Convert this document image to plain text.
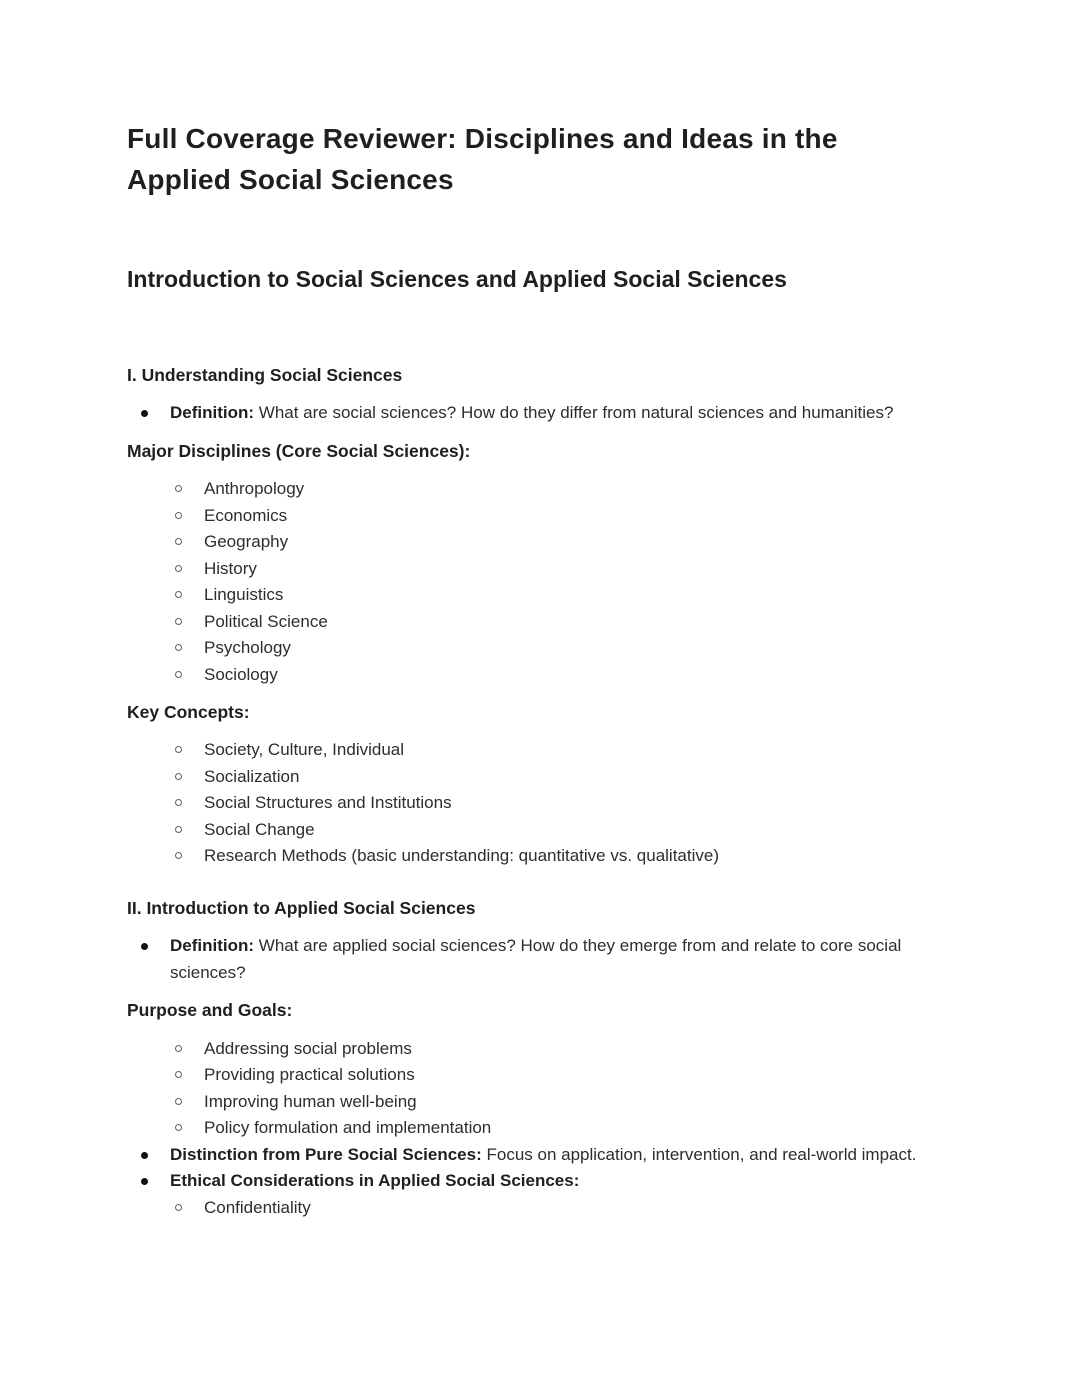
Full Coverage Reviewer: Disciplines and Ideas in the Applied Social Sciences
Introduction to Social Sciences and Applied Social Sciences
I. Understanding Social Sciences
Definition: What are social sciences? How do they differ from natural sciences and humanities?
Major Disciplines (Core Social Sciences):
Anthropology
Economics
Geography
History
Linguistics
Political Science
Psychology
Sociology
Key Concepts:
Society, Culture, Individual
Socialization
Social Structures and Institutions
Social Change
Research Methods (basic understanding: quantitative vs. qualitative)
II. Introduction to Applied Social Sciences
Definition: What are applied social sciences? How do they emerge from and relate to core social sciences?
Purpose and Goals:
Addressing social problems
Providing practical solutions
Improving human well-being
Policy formulation and implementation
Distinction from Pure Social Sciences: Focus on application, intervention, and real-world impact.
Ethical Considerations in Applied Social Sciences:
Confidentiality
